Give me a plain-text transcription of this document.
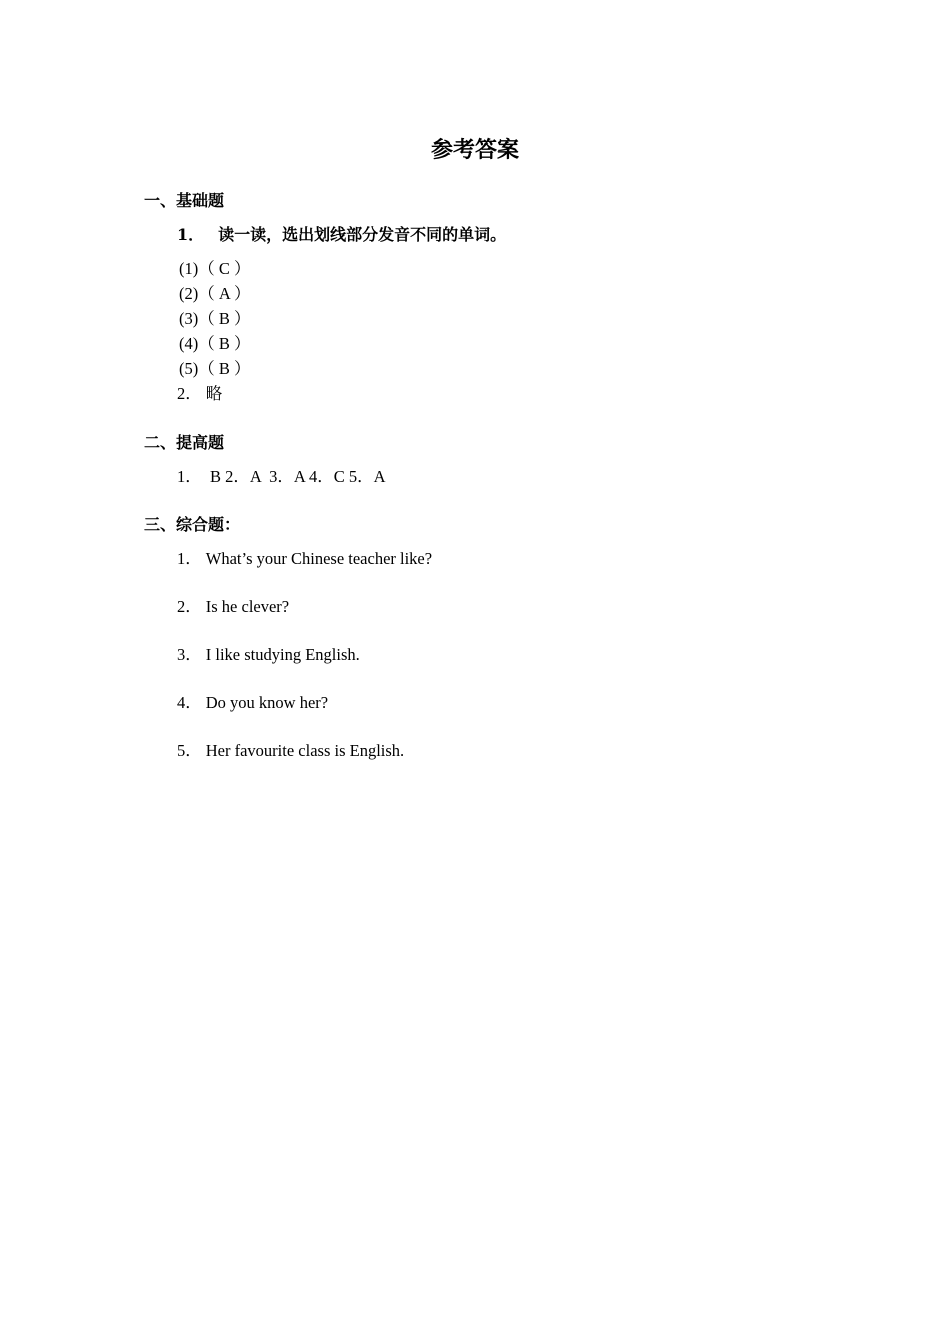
参考答案
一、基础题
1． 读一读，选出划线部分发音不同的单词。
(1)（ C ）
(2)（ A ）
(3)（ B ）
(4)（ B ）
(5)（ B ）
2． 略
二、提高题
1．  B 2．A  3．A 4．C 5．A
三、综合题：
1． What’s your Chinese teacher like?
2． Is he clever?
3． I like studying English.
4． Do you know her?
5． Her favourite class is English.
